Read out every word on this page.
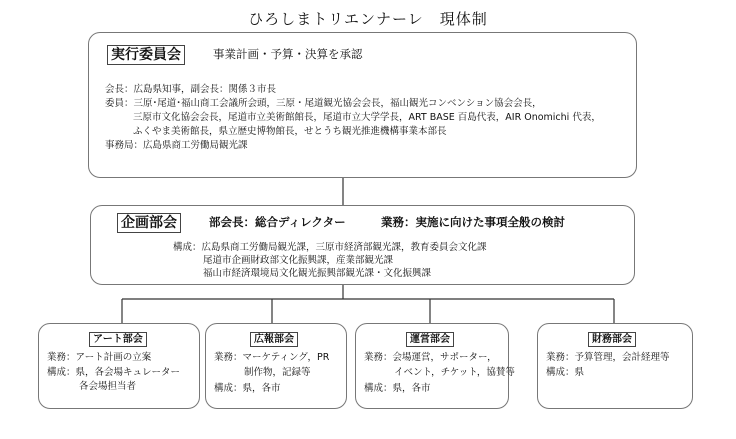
ひろしまトリエンナーレ　現体制
実行委員会	事業計画・予算・決算を承認
会長：広島県知事，副会長：関係３市長
委員：三原･尾道･福山商工会議所会頭，三原・尾道観光協会会長，福山観光コンベンション協会会長，
三原市文化協会会長，尾道市立美術館館長，尾道市立大学学長，ART BASE 百島代表，AIR Onomichi 代表，
ふくやま美術館長，県立歴史博物館長，せとうち観光推進機構事業本部長
事務局：広島県商工労働局観光課
企画部会	部会長：総合ディレクター	業務：実施に向けた事項全般の検討
構成：広島県商工労働局観光課，三原市経済部観光課，教育委員会文化課
尾道市企画財政部文化振興課，産業部観光課
福山市経済環境局文化観光振興部観光課・文化振興課
アート部会
業務：アート計画の立案
構成：県，各会場キュレーター
各会場担当者
広報部会
業務：マーケティング，PR
制作物，記録等
構成：県，各市
運営部会
業務：会場運営，サポーター，
イベント，チケット，協賛等
構成：県，各市
財務部会
業務：予算管理，会計経理等
構成：県
